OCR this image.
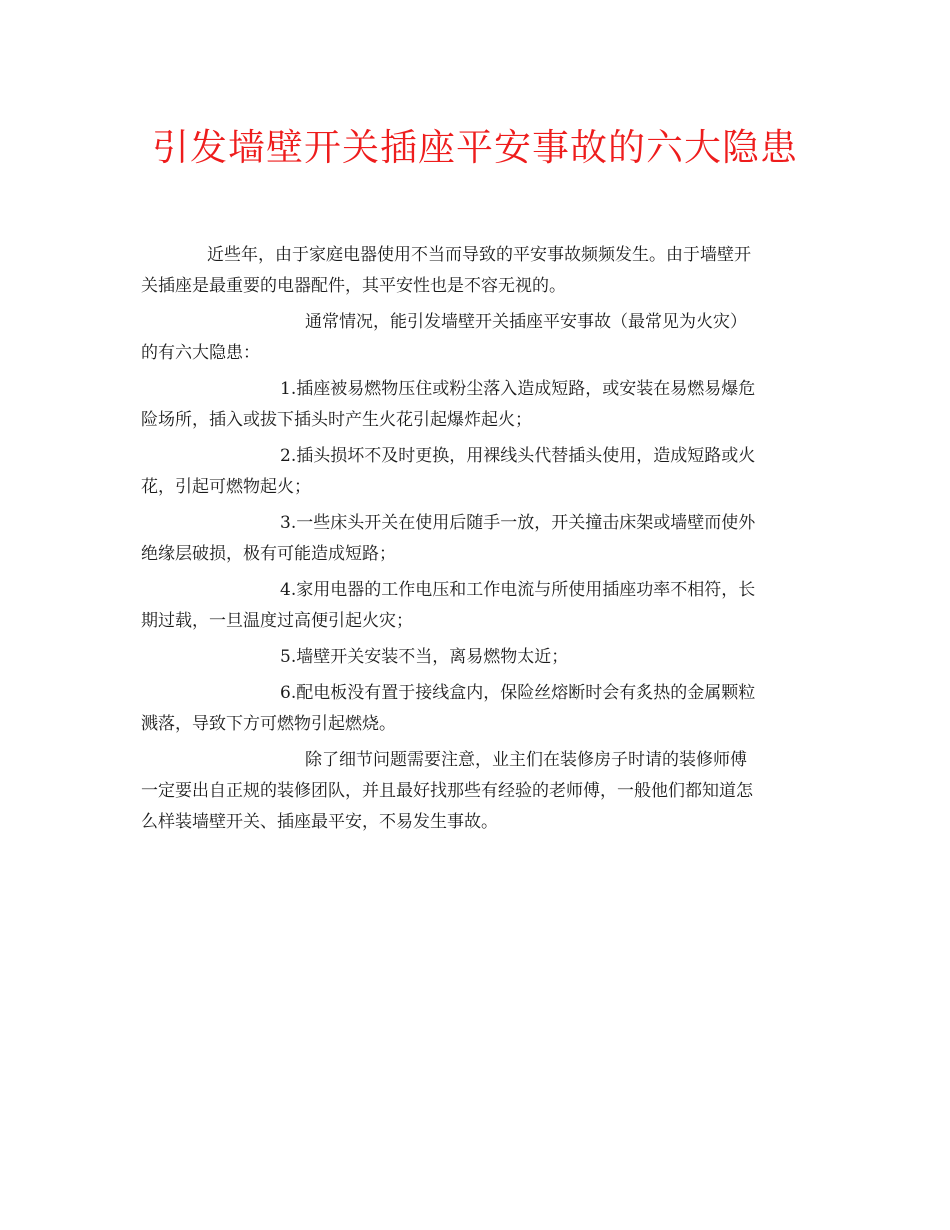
引发墙壁开关插座平安事故的六大隐患
近些年，由于家庭电器使用不当而导致的平安事故频频发生。由于墙壁开
关插座是最重要的电器配件，其平安性也是不容无视的。
通常情况，能引发墙壁开关插座平安事故（最常见为火灾）
的有六大隐患：
1.插座被易燃物压住或粉尘落入造成短路，或安装在易燃易爆危
险场所，插入或拔下插头时产生火花引起爆炸起火；
2.插头损坏不及时更换，用裸线头代替插头使用，造成短路或火
花，引起可燃物起火；
3.一些床头开关在使用后随手一放，开关撞击床架或墙壁而使外
绝缘层破损，极有可能造成短路；
4.家用电器的工作电压和工作电流与所使用插座功率不相符，长
期过载，一旦温度过高便引起火灾；
5.墙壁开关安装不当，离易燃物太近；
6.配电板没有置于接线盒内，保险丝熔断时会有炙热的金属颗粒
溅落，导致下方可燃物引起燃烧。
除了细节问题需要注意，业主们在装修房子时请的装修师傅
一定要出自正规的装修团队，并且最好找那些有经验的老师傅，一般他们都知道怎
么样装墙壁开关、插座最平安，不易发生事故。
